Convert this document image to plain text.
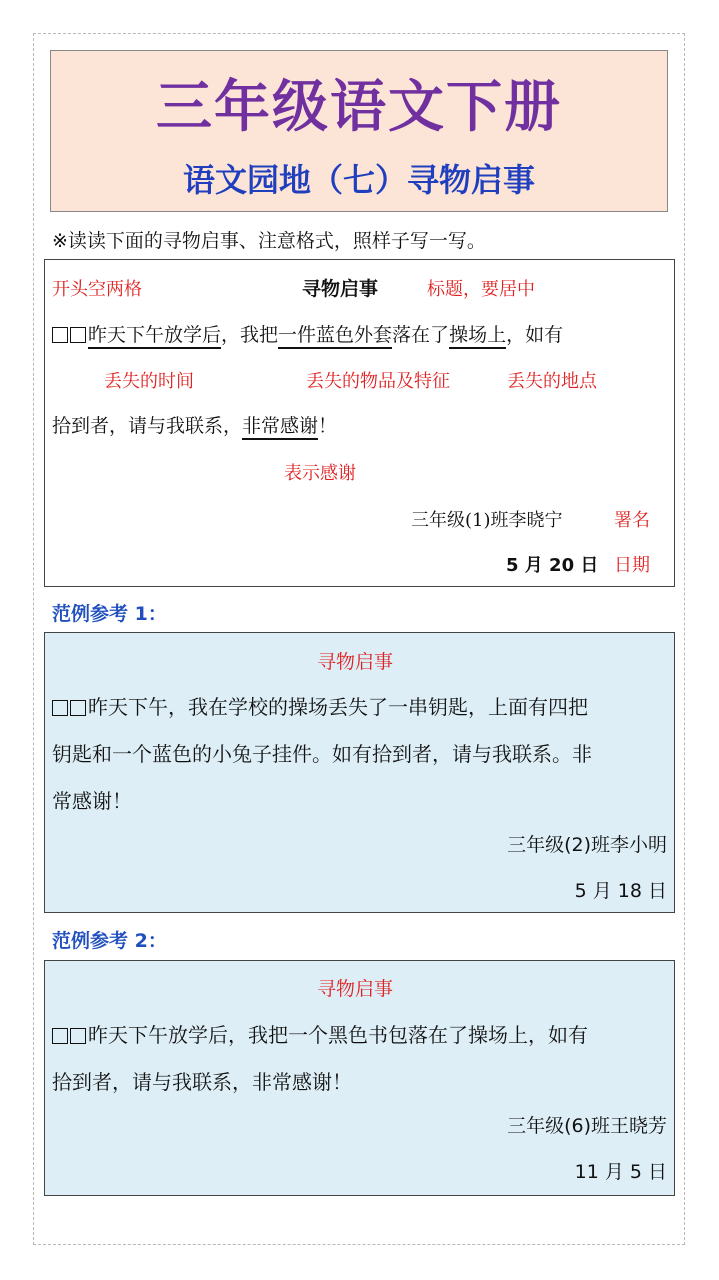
三年级语文下册
语文园地（七）寻物启事
※读读下面的寻物启事、注意格式，照样子写一写。
开头空两格	寻物启事	标题，要居中
昨天下午放学后，我把一件蓝色外套落在了操场上，如有
丢失的时间	丢失的物品及特征	丢失的地点
拾到者，请与我联系，非常感谢！
表示感谢
三年级(1)班李晓宁	署名
5 月 20 日 日期
范例参考 1：
寻物启事
昨天下午，我在学校的操场丢失了一串钥匙，上面有四把
钥匙和一个蓝色的小兔子挂件。如有拾到者，请与我联系。非
常感谢！
三年级(2)班李小明
5 月 18 日
范例参考 2：
寻物启事
昨天下午放学后，我把一个黑色书包落在了操场上，如有
拾到者，请与我联系，非常感谢！
三年级(6)班王晓芳
11 月 5 日
